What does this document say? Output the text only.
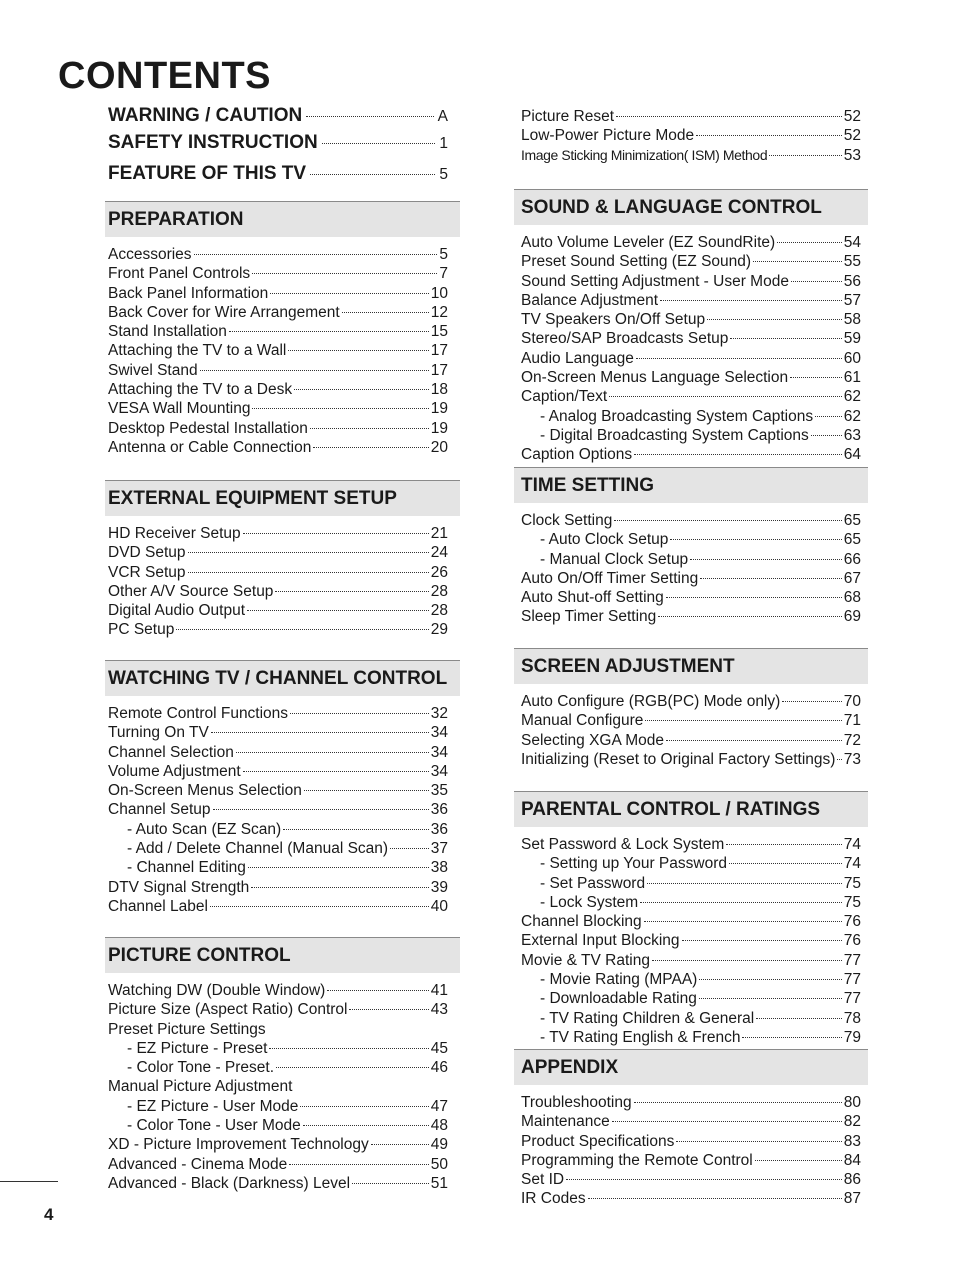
CONTENTS
WARNING / CAUTION	A
SAFETY INSTRUCTION	1
FEATURE OF THIS TV	5
PREPARATION
Accessories	5
Front Panel Controls	7
Back Panel Information	10
Back Cover for Wire Arrangement	12
Stand Installation	15
Attaching the TV to a Wall	17
Swivel Stand	17
Attaching the TV to a Desk	18
VESA Wall Mounting	19
Desktop Pedestal Installation	19
Antenna or Cable Connection	20
EXTERNAL EQUIPMENT SETUP
HD Receiver Setup	21
DVD Setup	24
VCR Setup	26
Other A/V Source Setup	28
Digital Audio Output	28
PC Setup	29
WATCHING TV / CHANNEL CONTROL
Remote Control Functions	32
Turning On TV	34
Channel Selection	34
Volume Adjustment	34
On-Screen Menus Selection	35
Channel Setup	36
- Auto Scan (EZ Scan)	36
- Add / Delete Channel (Manual Scan)	37
- Channel Editing	38
DTV Signal Strength	39
Channel Label	40
PICTURE CONTROL
Watching DW (Double Window)	41
Picture Size (Aspect Ratio) Control	43
Preset Picture Settings
- EZ Picture - Preset	45
- Color Tone - Preset.	46
Manual Picture Adjustment
- EZ Picture - User Mode	47
- Color Tone - User Mode	48
XD - Picture Improvement Technology	49
Advanced - Cinema Mode	50
Advanced - Black (Darkness) Level	51
Picture Reset	52
Low-Power Picture Mode	52
Image Sticking Minimization( ISM) Method	53
SOUND & LANGUAGE CONTROL
Auto Volume Leveler (EZ SoundRite)	54
Preset Sound Setting (EZ Sound)	55
Sound Setting Adjustment - User Mode	56
Balance Adjustment	57
TV Speakers On/Off Setup	58
Stereo/SAP Broadcasts Setup	59
Audio Language	60
On-Screen Menus Language Selection	61
Caption/Text	62
- Analog Broadcasting System Captions 62
- Digital Broadcasting System Captions 63
Caption Options	64
TIME SETTING
Clock Setting	65
- Auto Clock Setup	65
- Manual Clock Setup	66
Auto On/Off Timer Setting	67
Auto Shut-off Setting	68
Sleep Timer Setting	69
SCREEN ADJUSTMENT
Auto Configure (RGB(PC) Mode only)	70
Manual Configure	71
Selecting XGA Mode	72
Initializing (Reset to Original Factory Settings) 73
PARENTAL CONTROL / RATINGS
Set Password & Lock System	74
- Setting up Your Password	74
- Set Password	75
- Lock System	75
Channel Blocking	76
External Input Blocking	76
Movie & TV Rating	77
- Movie Rating (MPAA)	77
- Downloadable Rating	77
- TV Rating Children & General	78
- TV Rating English & French	79
APPENDIX
Troubleshooting	80
Maintenance	82
Product Specifications	83
Programming the Remote Control	84
Set ID	86
IR Codes	87
4
